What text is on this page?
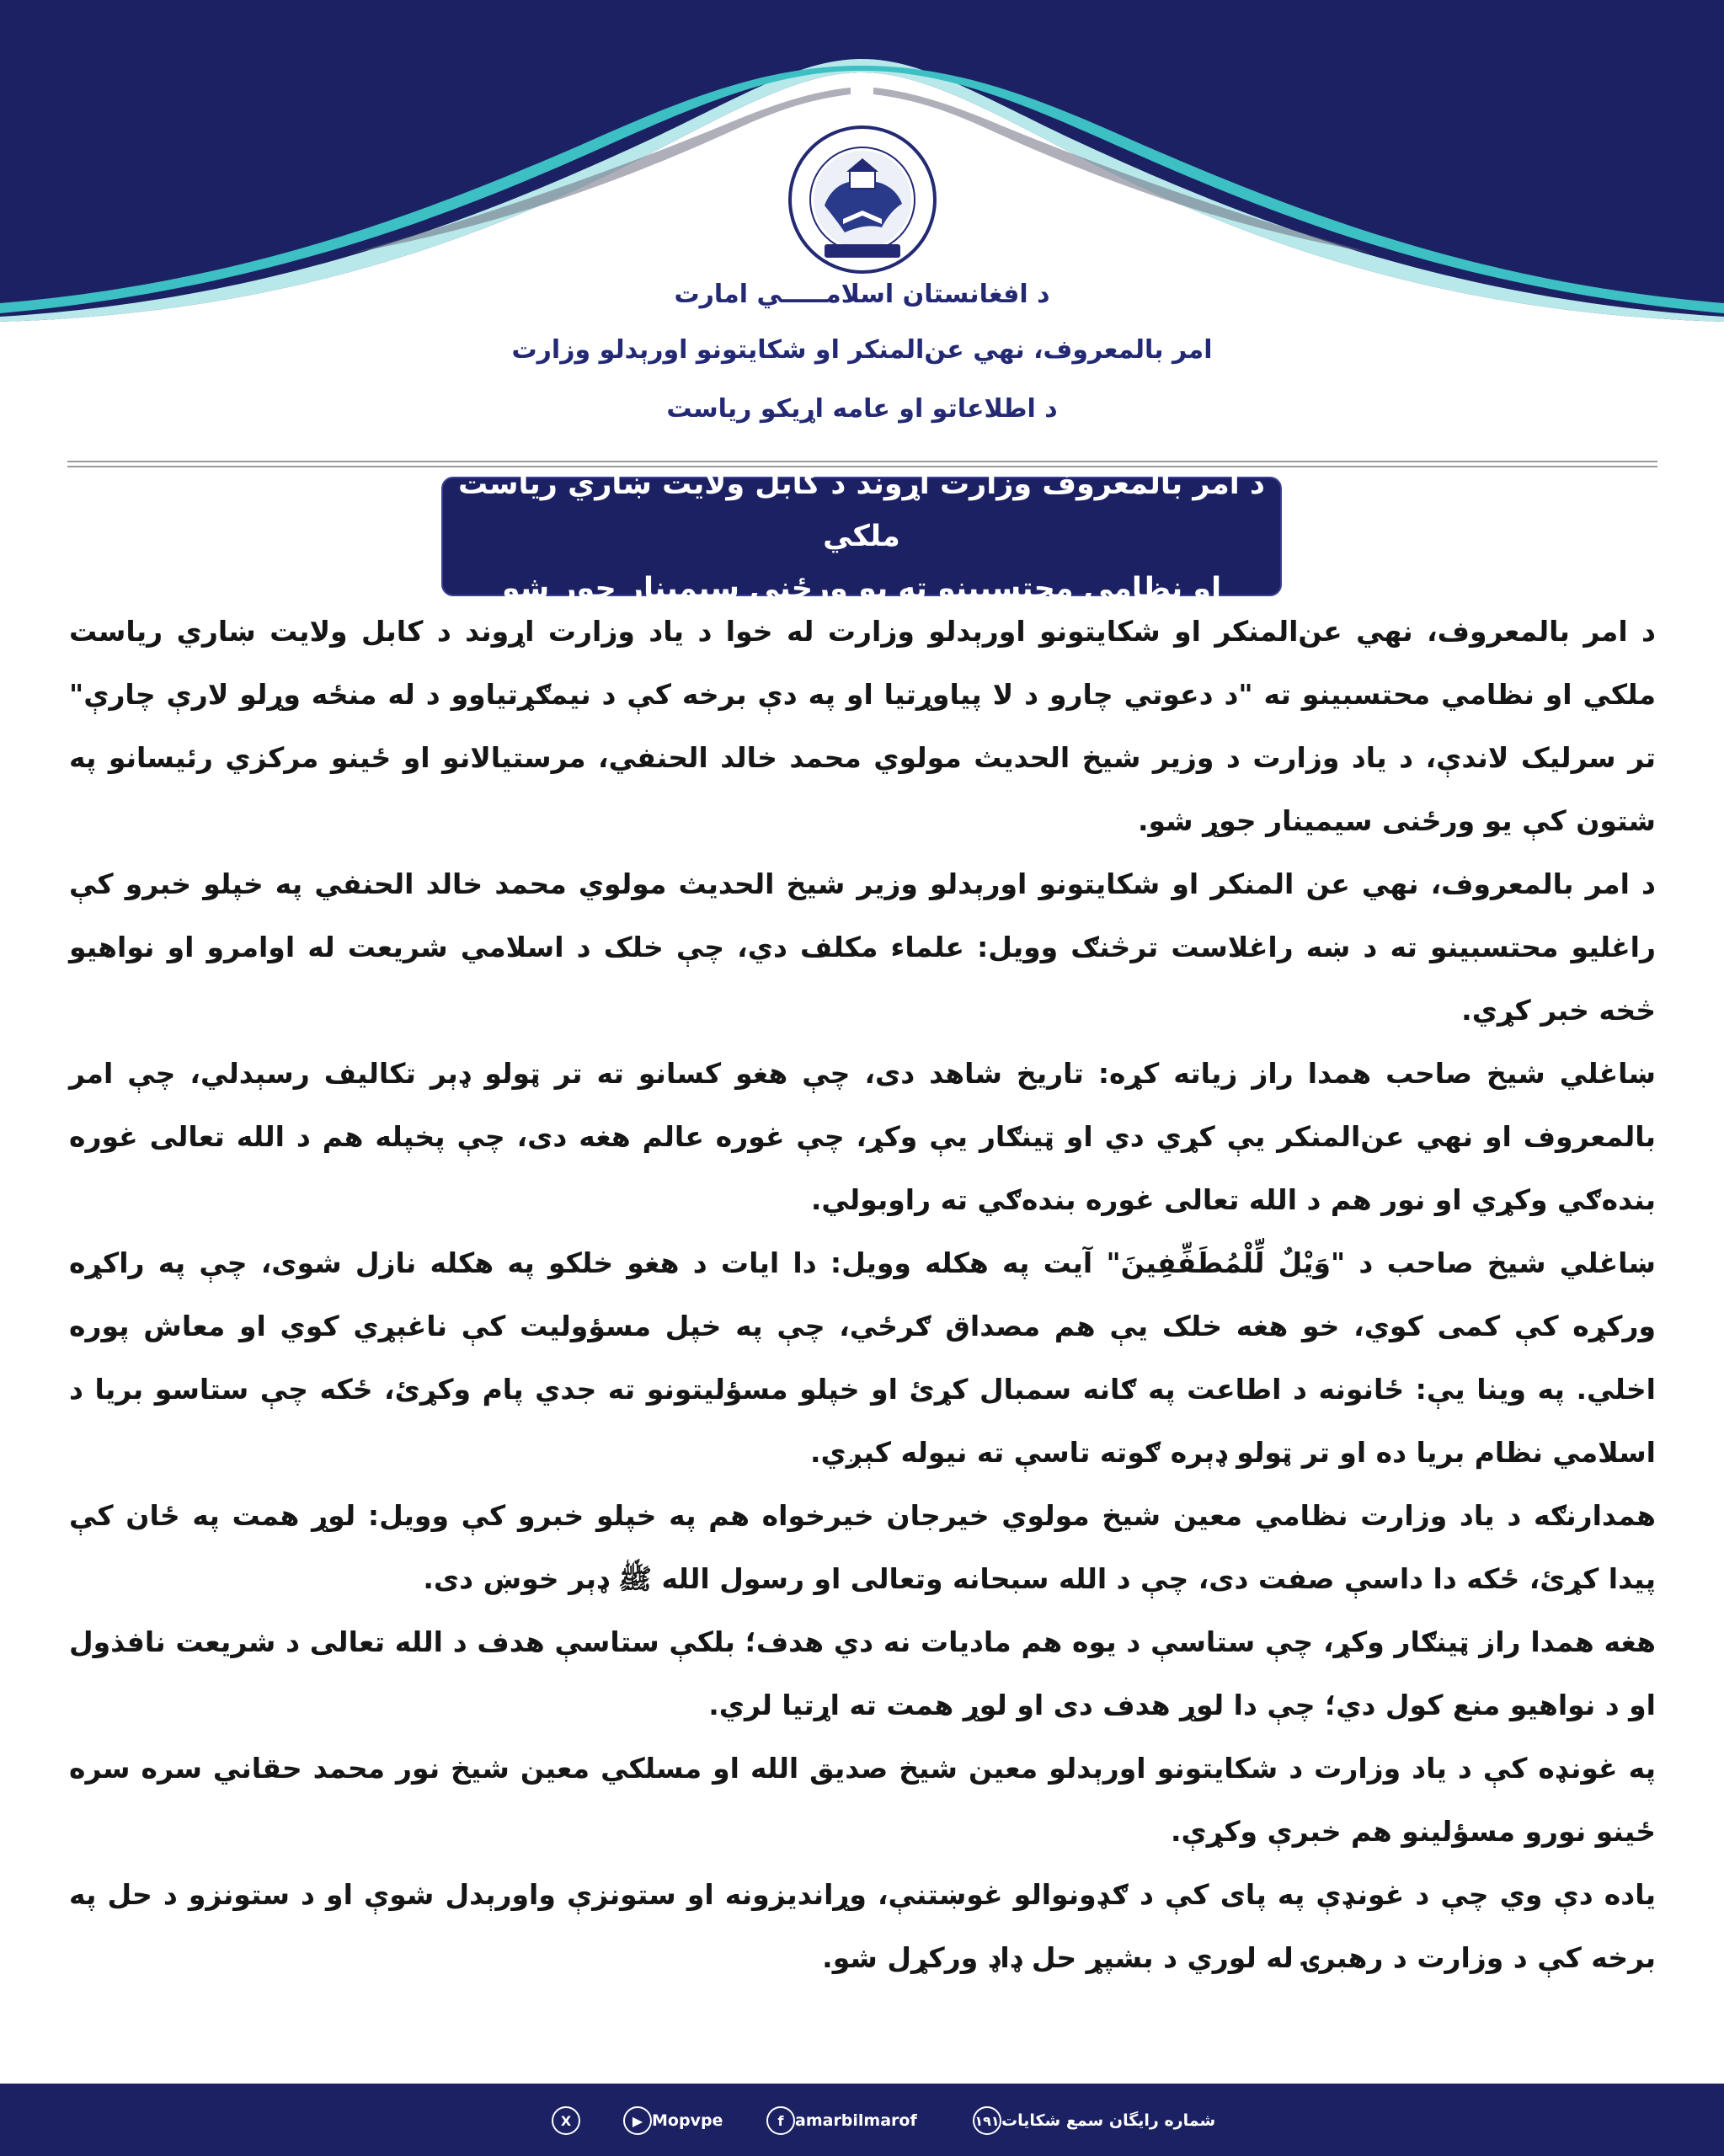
د افغانستان اسلامـــــي امارت
امر بالمعروف، نهي عن‌المنکر او شکایتونو اورېدلو وزارت
د اطلاعاتو او عامه اړیکو ریاست
د امر بالمعروف وزارت اړوند د کابل ولایت ښاري ریاست ملکي
او نظامي محتسبینو ته یو ورځنی سیمینار جوړ شو

د امر بالمعروف، نهي عن‌المنکر او شکایتونو اورېدلو وزارت له خوا د یاد وزارت اړوند د کابل ولایت ښاري ریاست ملکي او نظامي محتسبینو ته "د دعوتي چارو د لا پیاوړتیا او په دې برخه کې د نیمګړتیاوو د له منځه وړلو لارې چارې" تر سرلیک لاندې، د یاد وزارت د وزیر شیخ الحدیث مولوي محمد خالد الحنفي، مرستیالانو او ځینو مرکزي رئیسانو په شتون کې یو ورځنی سیمینار جوړ شو.

د امر بالمعروف، نهي عن المنکر او شکایتونو اورېدلو وزیر شیخ الحدیث مولوي محمد خالد الحنفي په خپلو خبرو کې راغلیو محتسبینو ته د ښه راغلاست ترڅنګ وویل: علماء مکلف دي، چې خلک د اسلامي شریعت له اوامرو او نواهیو څخه خبر کړي.

ښاغلي شیخ صاحب همدا راز زیاته کړه: تاریخ شاهد دی، چې هغو کسانو ته تر ټولو ډېر تکالیف رسېدلي، چې امر بالمعروف او نهي عن‌المنکر یې کړي دي او ټینګار یې وکړ، چې غوره عالم هغه دی، چې پخپله هم د الله تعالی غوره بنده‌ګي وکړي او نور هم د الله تعالی غوره بنده‌ګي ته راوبولي.

ښاغلي شیخ صاحب د "وَيْلٌ لِّلْمُطَفِّفِينَ" آیت په هکله وویل: دا ایات د هغو خلکو په هکله نازل شوی، چې په راکړه ورکړه کې کمی کوي، خو هغه خلک یې هم مصداق ګرځي، چې په خپل مسؤولیت کې ناغېړي کوي او معاش پوره اخلي. په وینا یې: ځانونه د اطاعت په ګانه سمبال کړئ او خپلو مسؤلیتونو ته جدي پام وکړئ، ځکه چې ستاسو بریا د اسلامي نظام بریا ده او تر ټولو ډېره ګوته تاسې ته نیوله کېږي.

همدارنګه د یاد وزارت نظامي معین شیخ مولوي خیرجان خیرخواه هم په خپلو خبرو کې وویل: لوړ همت په ځان کې پیدا کړئ، ځکه دا داسې صفت دی، چې د الله سبحانه وتعالی او رسول الله ﷺ ډېر خوښ دی.

هغه همدا راز ټینګار وکړ، چې ستاسې د یوه هم مادیات نه دي هدف؛ بلکې ستاسې هدف د الله تعالی د شریعت نافذول او د نواهیو منع کول دي؛ چې دا لوړ هدف دی او لوړ همت ته اړتیا لري.

په غونډه کې د یاد وزارت د شکایتونو اورېدلو معین شیخ صدیق الله او مسلکي معین شیخ نور محمد حقاني سره سره ځینو نورو مسؤلینو هم خبرې وکړې.

یاده دې وي چې د غونډې په پای کې د ګډونوالو غوښتنې، وړاندیزونه او ستونزې واورېدل شوې او د ستونزو د حل په برخه کې د وزارت د رهبرۍ له لوري د بشپړ حل ډاډ ورکړل شو.

شماره رایگان سمع شکایات
۱۹۱
f amarbilmarof
▶ Mopvpe
X
